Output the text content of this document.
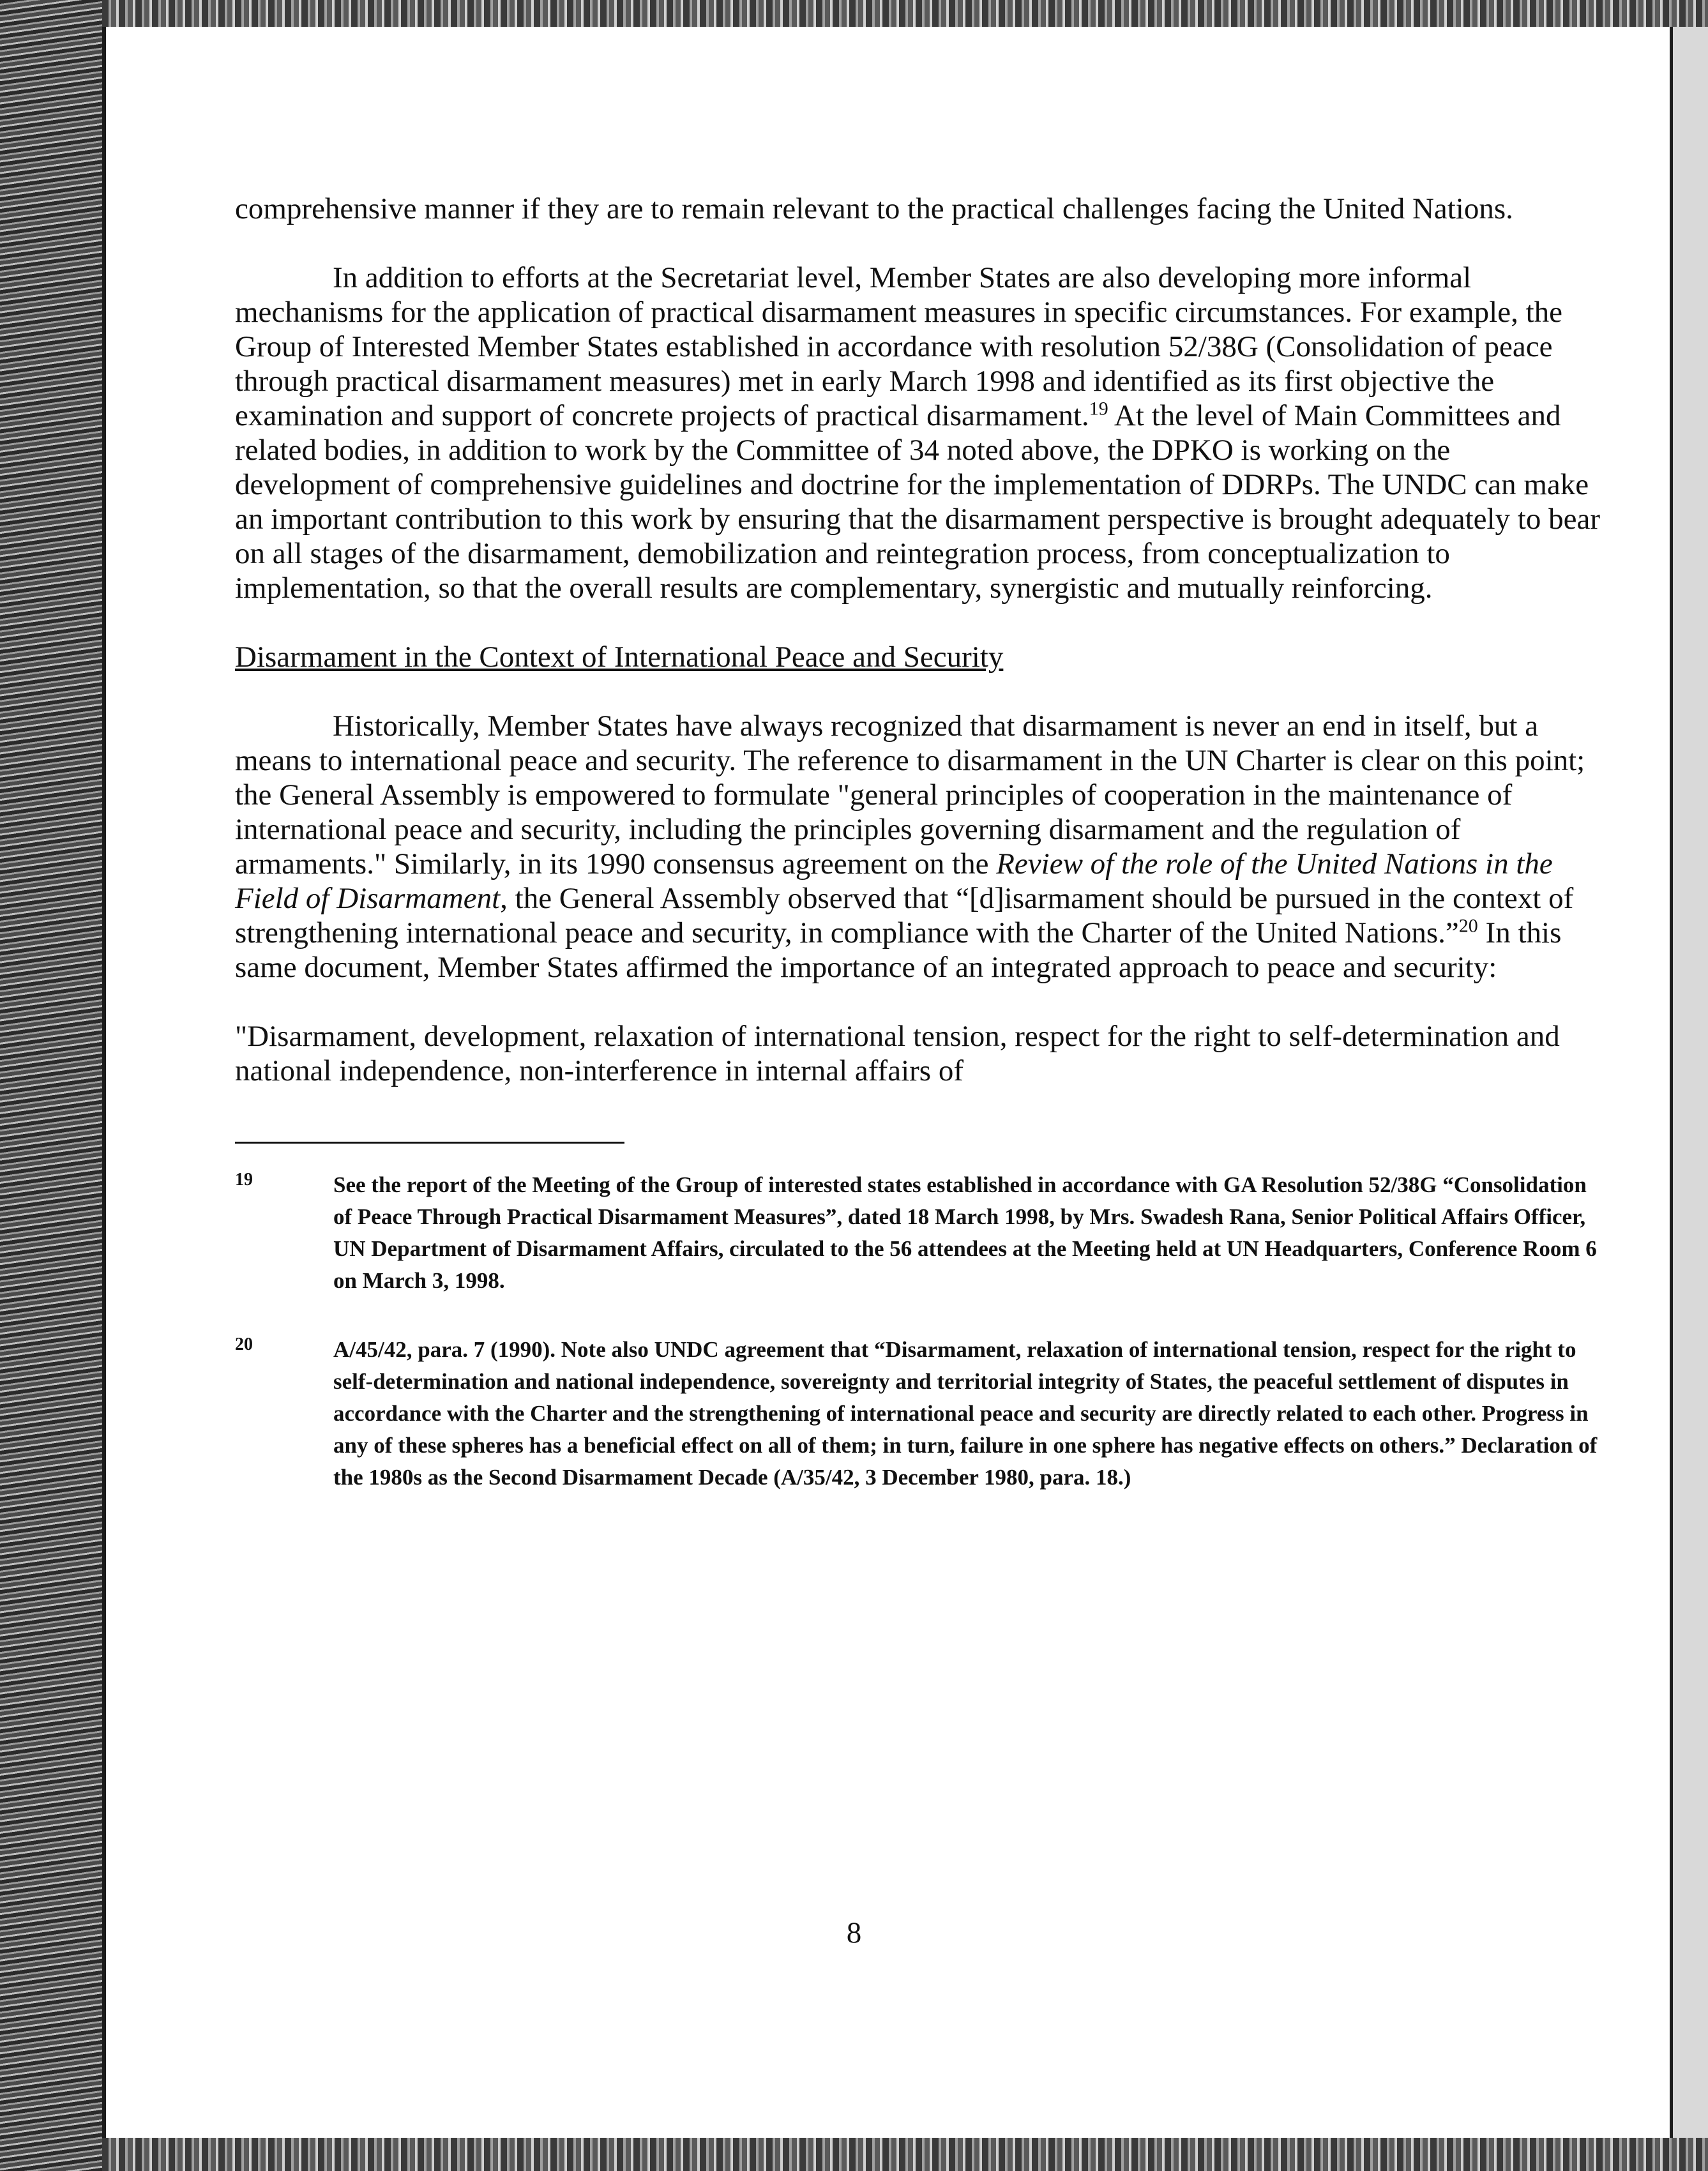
comprehensive manner if they are to remain relevant to the practical challenges facing the United Nations.

In addition to efforts at the Secretariat level, Member States are also developing more informal mechanisms for the application of practical disarmament measures in specific circumstances. For example, the Group of Interested Member States established in accordance with resolution 52/38G (Consolidation of peace through practical disarmament measures) met in early March 1998 and identified as its first objective the examination and support of concrete projects of practical disarmament.$^{19}$ At the level of Main Committees and related bodies, in addition to work by the Committee of 34 noted above, the DPKO is working on the development of comprehensive guidelines and doctrine for the implementation of DDRPs. The UNDC can make an important contribution to this work by ensuring that the disarmament perspective is brought adequately to bear on all stages of the disarmament, demobilization and reintegration process, from conceptualization to implementation, so that the overall results are complementary, synergistic and mutually reinforcing.

Disarmament in the Context of International Peace and Security

Historically, Member States have always recognized that disarmament is never an end in itself, but a means to international peace and security. The reference to disarmament in the UN Charter is clear on this point; the General Assembly is empowered to formulate "general principles of cooperation in the maintenance of international peace and security, including the principles governing disarmament and the regulation of armaments." Similarly, in its 1990 consensus agreement on the Review of the role of the United Nations in the Field of Disarmament, the General Assembly observed that “[d]isarmament should be pursued in the context of strengthening international peace and security, in compliance with the Charter of the United Nations.”$^{20}$ In this same document, Member States affirmed the importance of an integrated approach to peace and security:

"Disarmament, development, relaxation of international tension, respect for the right to self-determination and national independence, non-interference in internal affairs of

19	See the report of the Meeting of the Group of interested states established in accordance with GA Resolution 52/38G “Consolidation of Peace Through Practical Disarmament Measures”, dated 18 March 1998, by Mrs. Swadesh Rana, Senior Political Affairs Officer, UN Department of Disarmament Affairs, circulated to the 56 attendees at the Meeting held at UN Headquarters, Conference Room 6 on March 3, 1998.
20	A/45/42, para. 7 (1990). Note also UNDC agreement that “Disarmament, relaxation of international tension, respect for the right to self-determination and national independence, sovereignty and territorial integrity of States, the peaceful settlement of disputes in accordance with the Charter and the strengthening of international peace and security are directly related to each other. Progress in any of these spheres has a beneficial effect on all of them; in turn, failure in one sphere has negative effects on others.” Declaration of the 1980s as the Second Disarmament Decade (A/35/42, 3 December 1980, para. 18.)
8
